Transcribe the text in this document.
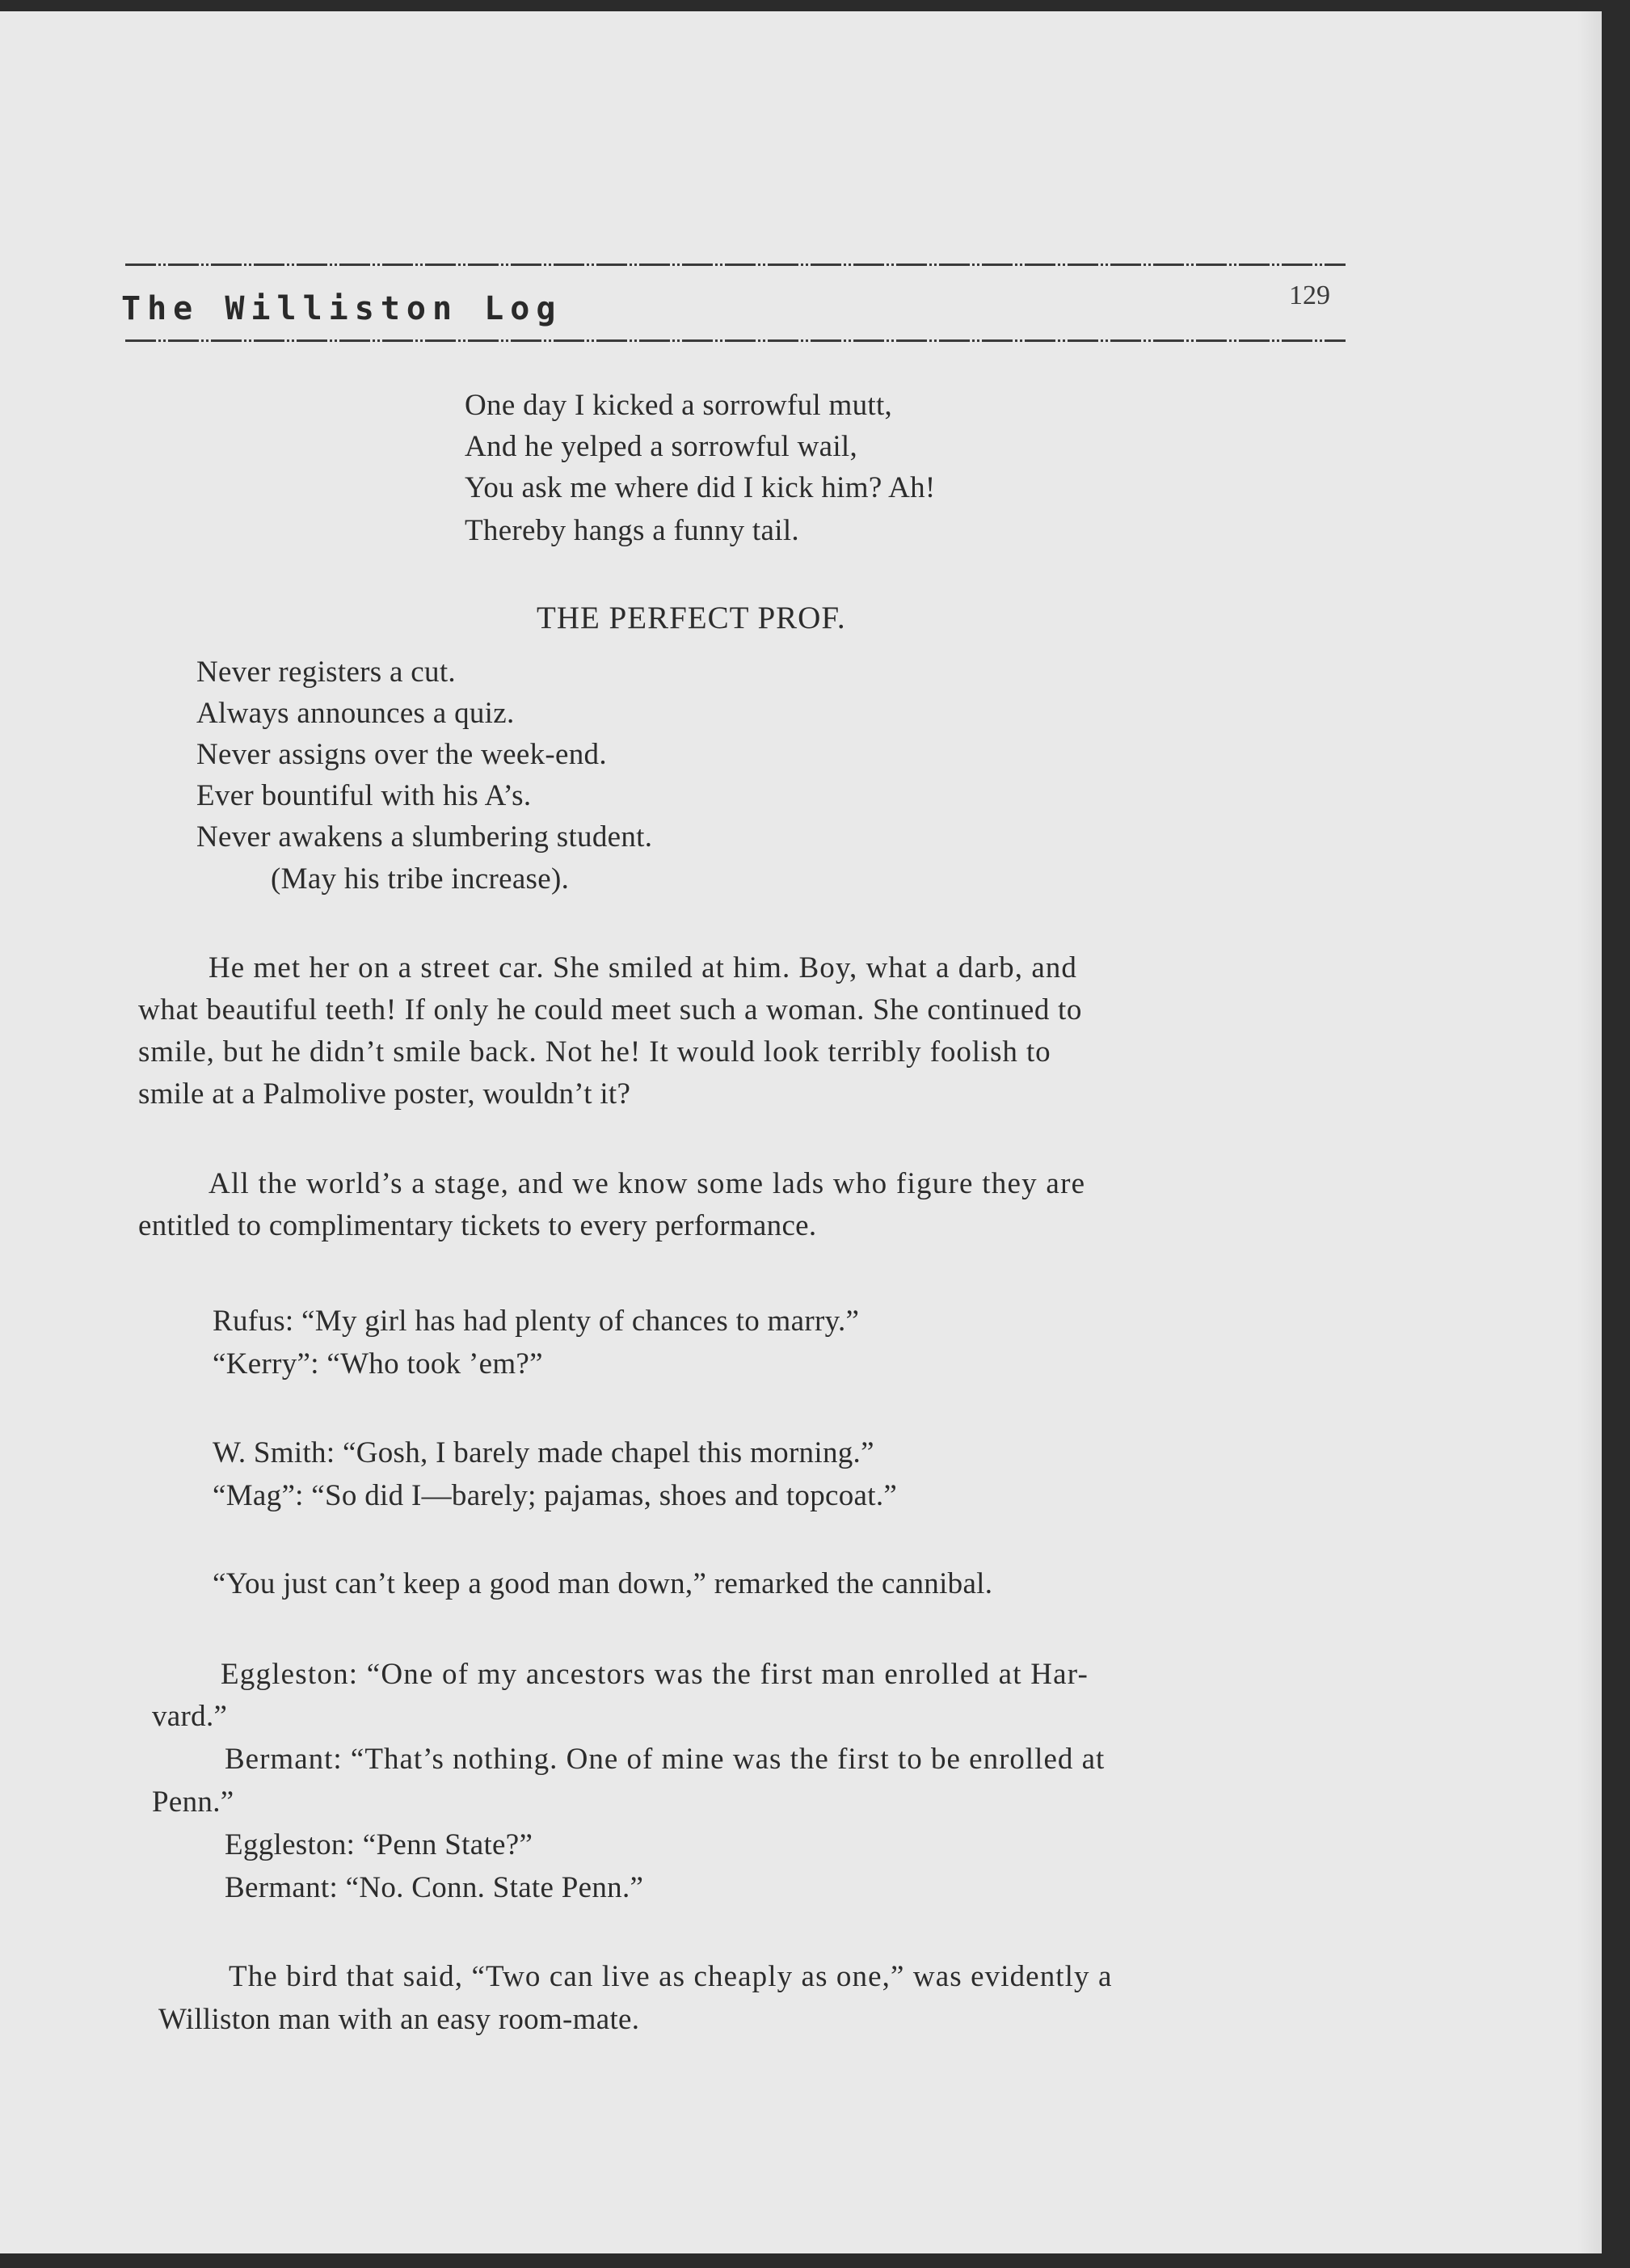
The Williston Log	129
One day I kicked a sorrowful mutt,
And he yelped a sorrowful wail,
You ask me where did I kick him? Ah!
Thereby hangs a funny tail.
THE PERFECT PROF.
Never registers a cut.
Always announces a quiz.
Never assigns over the week-end.
Ever bountiful with his A’s.
Never awakens a slumbering student.
(May his tribe increase).
He met her on a street car. She smiled at him. Boy, what a darb, and
what beautiful teeth! If only he could meet such a woman. She continued to
smile, but he didn’t smile back. Not he! It would look terribly foolish to
smile at a Palmolive poster, wouldn’t it?
All the world’s a stage, and we know some lads who figure they are
entitled to complimentary tickets to every performance.
Rufus: “My girl has had plenty of chances to marry.”
“Kerry”: “Who took ’em?”
W. Smith: “Gosh, I barely made chapel this morning.”
“Mag”: “So did I—barely; pajamas, shoes and topcoat.”
“You just can’t keep a good man down,” remarked the cannibal.
Eggleston: “One of my ancestors was the first man enrolled at Har-
vard.”
Bermant: “That’s nothing. One of mine was the first to be enrolled at
Penn.”
Eggleston: “Penn State?”
Bermant: “No. Conn. State Penn.”
The bird that said, “Two can live as cheaply as one,” was evidently a
Williston man with an easy room-mate.
